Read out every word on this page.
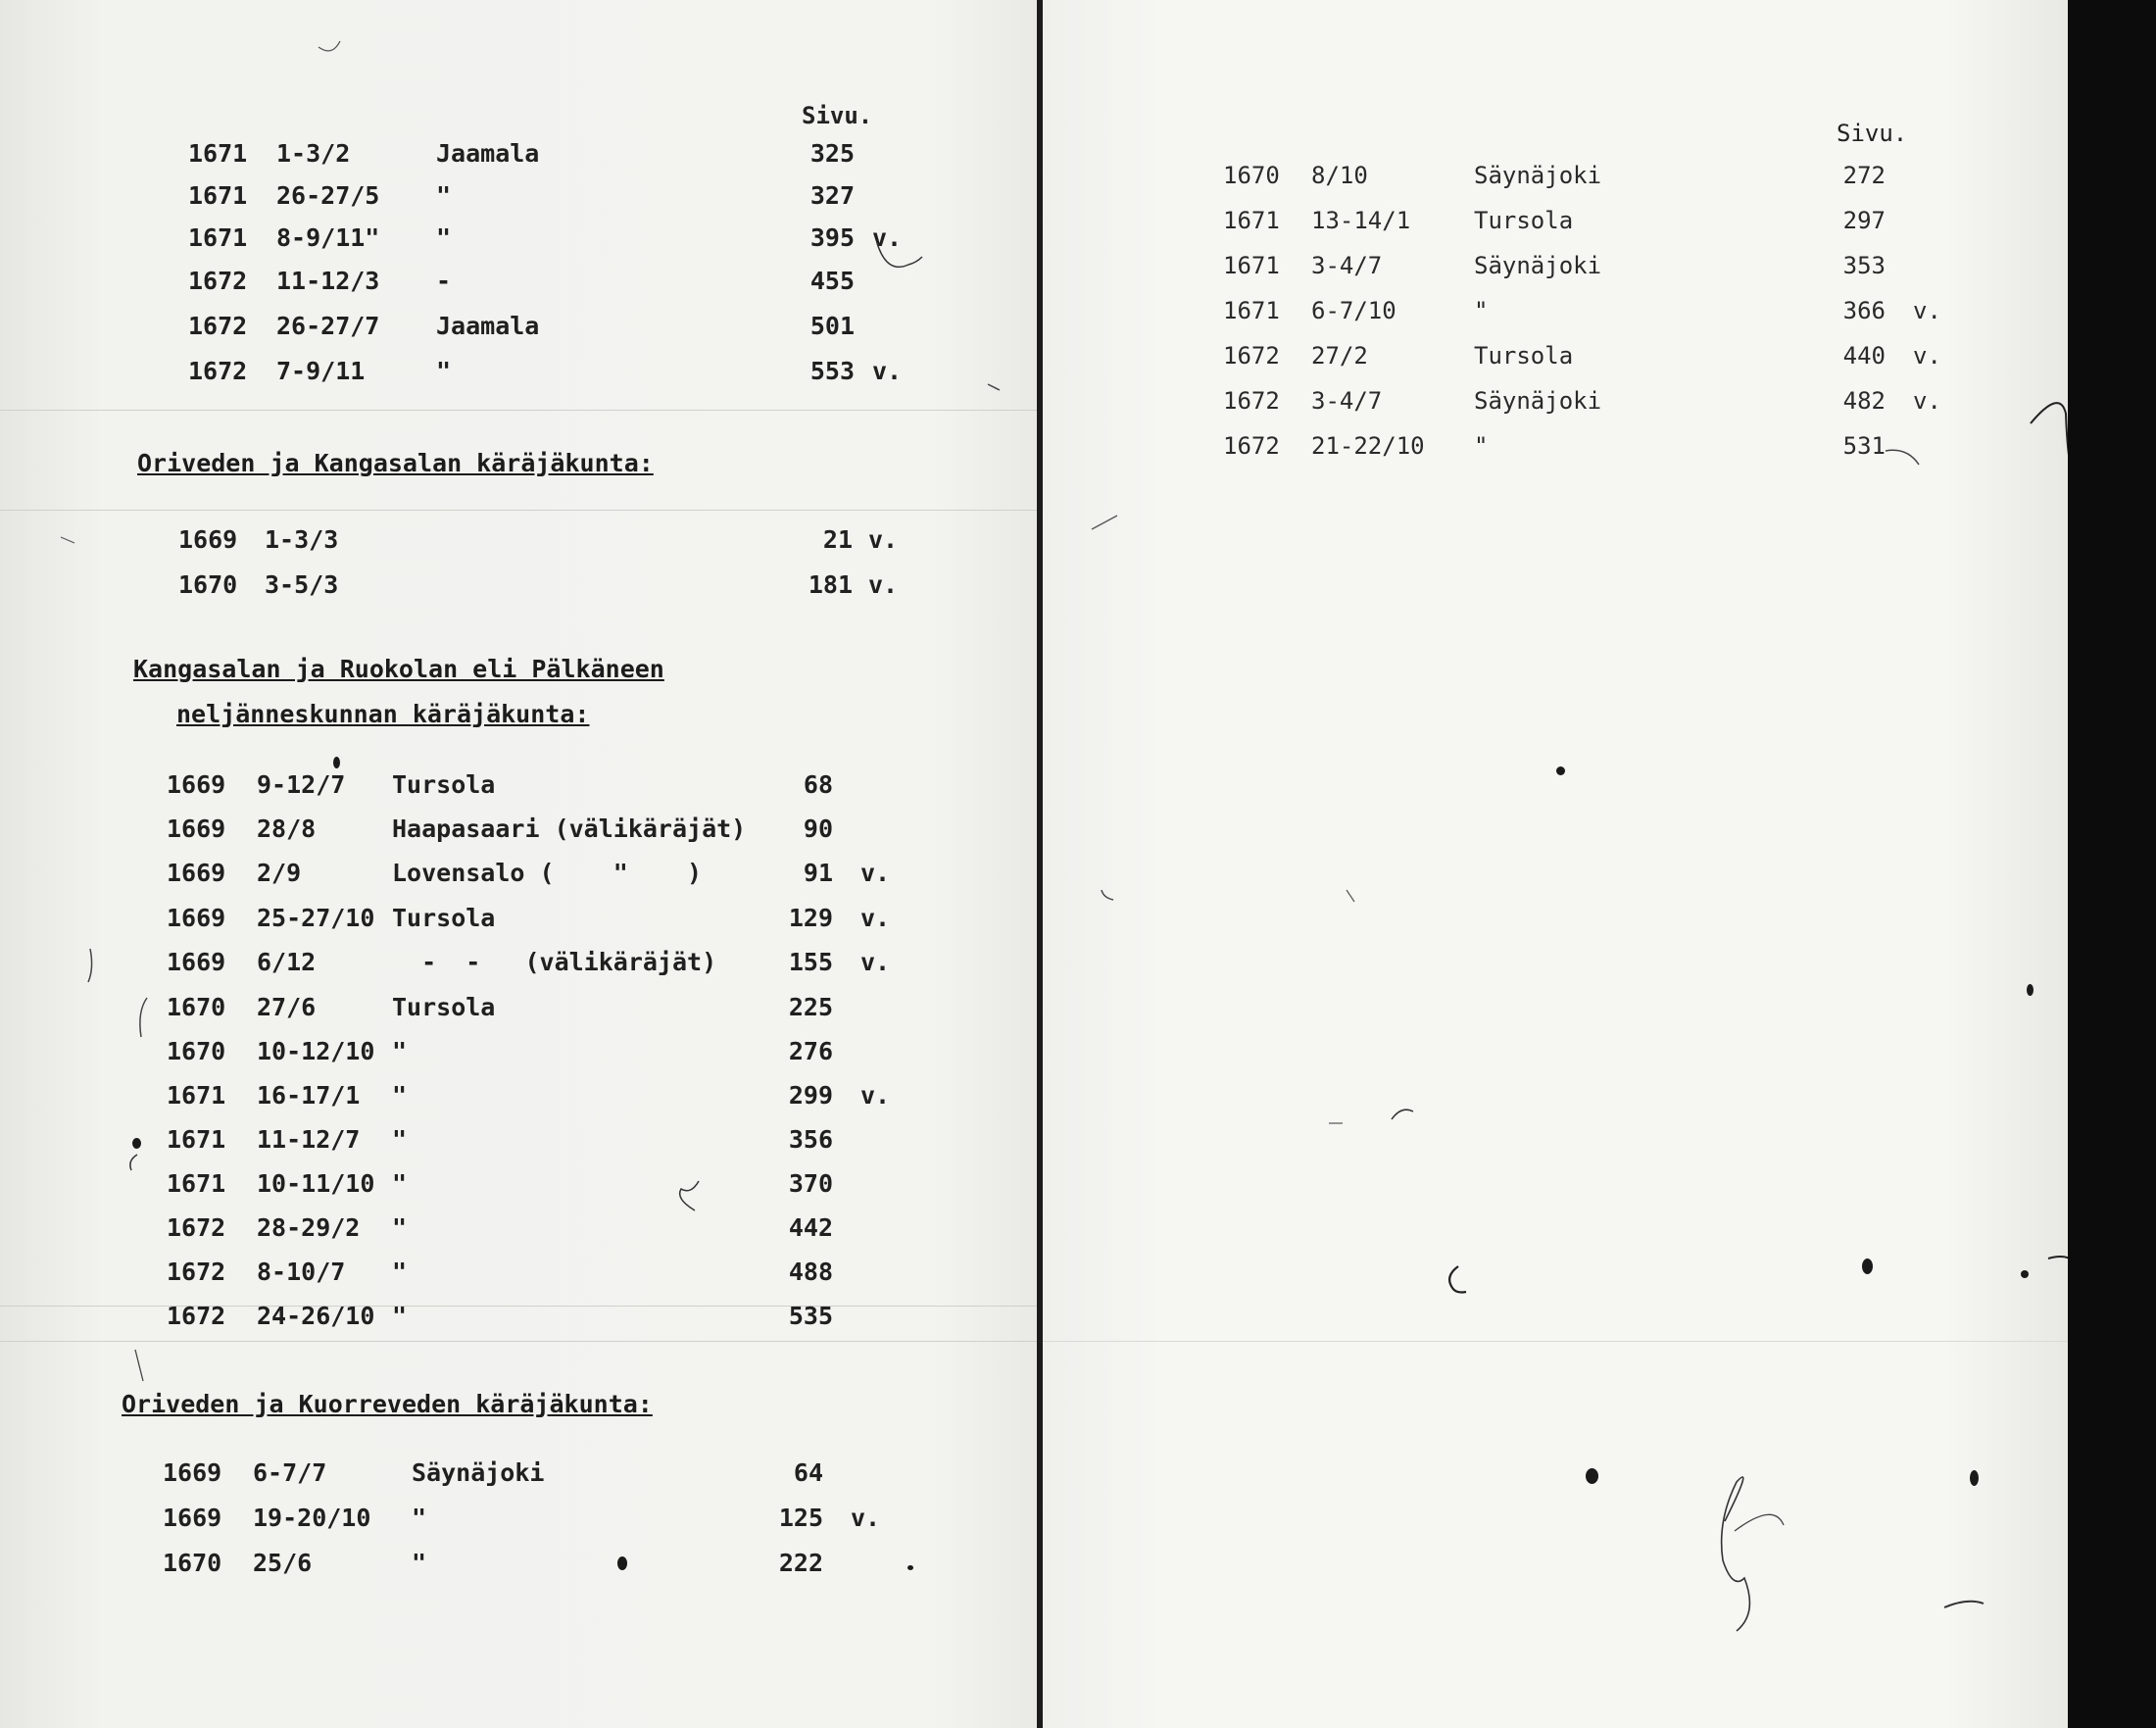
Sivu.
1671 1-3/2	Jaamala	325
1671 26-27/5 "	327
1671 8-9/11" "	395 v.
1672 11-12/3 -	455
1672 26-27/7 Jaamala	501
1672 7-9/11	"	553 v.
Oriveden ja Kangasalan käräjäkunta:
1669 1-3/3	21 v.
1670 3-5/3	181 v.
Kangasalan ja Ruokolan eli Pälkäneen
neljänneskunnan käräjäkunta:
1669 9-12/7 Tursola	68
1669 28/8	Haapasaari (välikäräjät)	90
1669 2/9	Lovensalo (    "    )	91 v.
1669 25-27/10 Tursola	129 v.
1669 6/12	-  -   (välikäräjät)	155 v.
1670 27/6	Tursola	225
1670 10-12/10 "	276
1671 16-17/1 "	299 v.
1671 11-12/7 "	356
1671 10-11/10 "	370
1672 28-29/2 "	442
1672 8-10/7 "	488
1672 24-26/10 "	535
Oriveden ja Kuorreveden käräjäkunta:
1669 6-7/7	Säynäjoki	64
1669 19-20/10 "	125 v.
1670 25/6	"	222
Sivu.
1670 8/10	Säynäjoki	272
1671 13-14/1	Tursola	297
1671 3-4/7	Säynäjoki	353
1671 6-7/10	"	366 v.
1672 27/2	Tursola	440 v.
1672 3-4/7	Säynäjoki	482 v.
1672 21-22/10 "	531
